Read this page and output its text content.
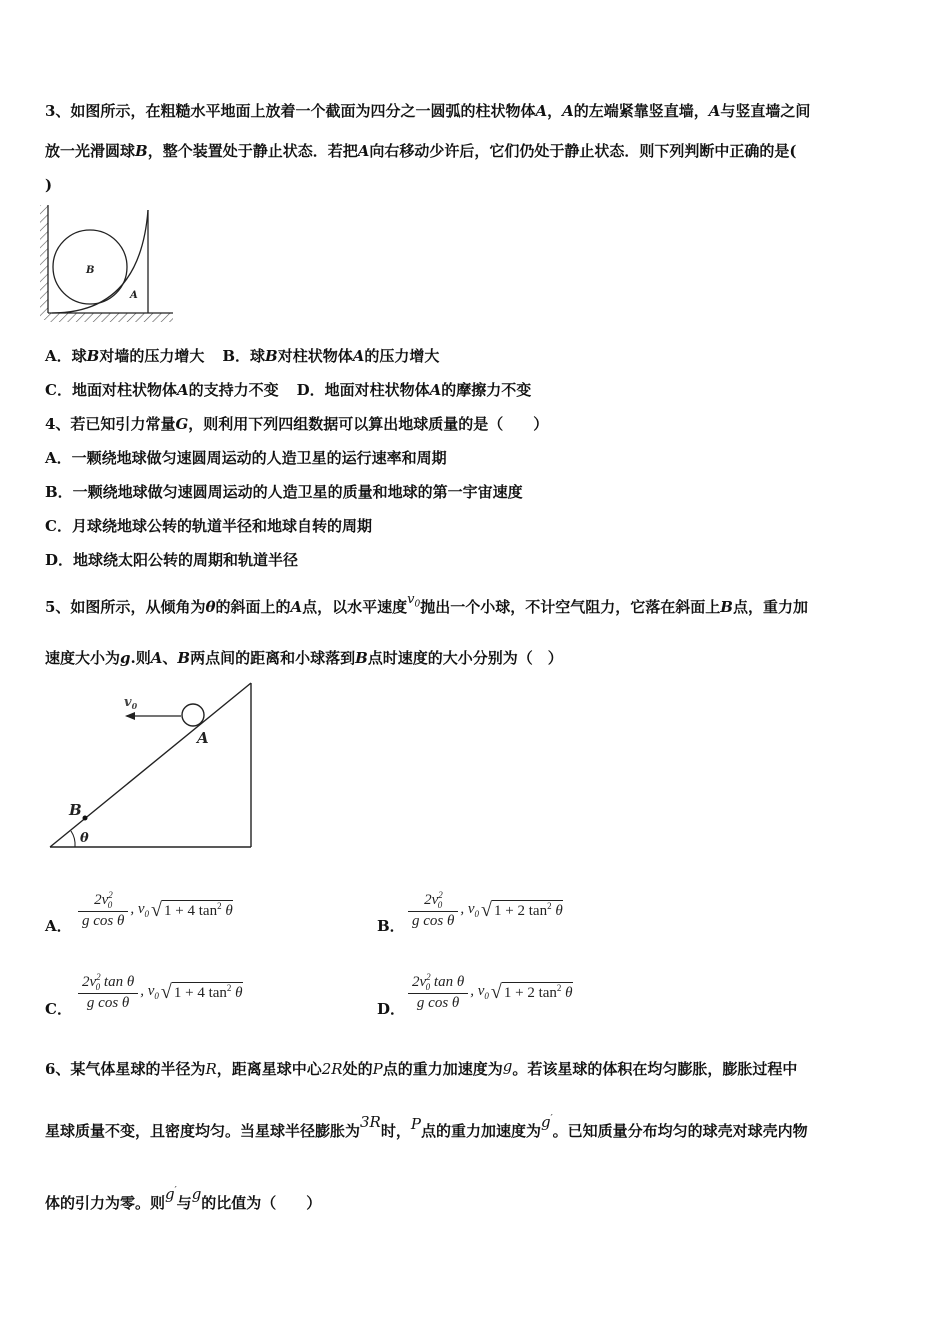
3、如图所示，在粗糙水平地面上放着一个截面为四分之一圆弧的柱状物体A，A的左端紧靠竖直墙，A与竖直墙之间
放一光滑圆球B，整个装置处于静止状态．若把A向右移动少许后，它们仍处于静止状态．则下列判断中正确的是(
)
B
A
A．球B对墙的压力增大 B．球B对柱状物体A的压力增大
C．地面对柱状物体A的支持力不变 D．地面对柱状物体A的摩擦力不变
4、若已知引力常量G，则利用下列四组数据可以算出地球质量的是（　　）
A．一颗绕地球做匀速圆周运动的人造卫星的运行速率和周期
B．一颗绕地球做匀速圆周运动的人造卫星的质量和地球的第一宇宙速度
C．月球绕地球公转的轨道半径和地球自转的周期
D．地球绕太阳公转的周期和轨道半径
5、如图所示，从倾角为θ的斜面上的A点，以水平速度$v_0$抛出一个小球，不计空气阻力，它落在斜面上B点，重力加
速度大小为g.则A、B两点间的距离和小球落到B点时速度的大小分别为（　）
$v_0$
A
B
θ
A．
$2v^2_0$
g cos θ
, $v_0$ √ 1 + 4 $\tan^2 \theta$
B．
$2v^2_0$
g cos θ
, $v_0$ √ 1 + 2 $\tan^2 \theta$
C．
$2v^2_0$ tan θ
g cos θ
, $v_0$ √ 1 + 4 $\tan^2 \theta$
D．
$2v^2_0$ tan θ
g cos θ
, $v_0$ √ 1 + 2 $\tan^2 \theta$
6、某气体星球的半径为R，距离星球中心2R处的P点的重力加速度为g。若该星球的体积在均匀膨胀，膨胀过程中
星球质量不变，且密度均匀。当星球半径膨胀为3R时，P点的重力加速度为g′。已知质量分布均匀的球壳对球壳内物
体的引力为零。则g′与g的比值为（　　）
